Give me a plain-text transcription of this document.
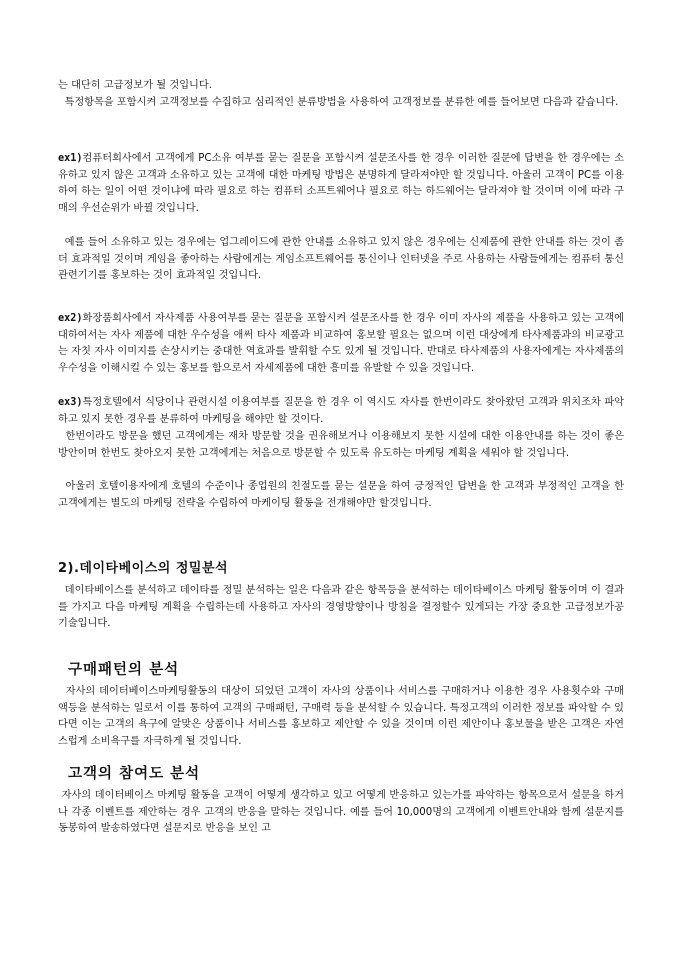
는 대단히 고급정보가 될 것입니다.

특정항목을 포함시켜 고객정보를 수집하고 심리적인 분류방법을 사용하여 고객정보를 분류한 예를 들어보면 다음과 같습니다.

ex1)컴퓨터회사에서 고객에게 PC소유 여부를 묻는 질문을 포함시켜 설문조사를 한 경우 이러한 질문에 답변을 한 경우에는 소유하고 있지 않은 고객과 소유하고 있는 고객에 대한 마케팅 방법은 분명하게 달라져야만 할 것입니다. 아울러 고객이 PC를 이용하여 하는 일이 어떤 것이냐에 따라 필요로 하는 컴퓨터 소프트웨어나 필요로 하는 하드웨어는 달라져야 할 것이며 이에 따라 구매의 우선순위가 바뀔 것입니다.

예를 들어 소유하고 있는 경우에는 업그레이드에 관한 안내를 소유하고 있지 않은 경우에는 신제품에 관한 안내를 하는 것이 좀더 효과적일 것이며 게임을 좋아하는 사람에게는 게임소프트웨어를 통신이나 인터넷을 주로 사용하는 사람들에게는 컴퓨터 통신관련기기를 홍보하는 것이 효과적일 것입니다.

ex2)화장품회사에서 자사제품 사용여부를 묻는 질문을 포함시켜 설문조사를 한 경우 이미 자사의 제품을 사용하고 있는 고객에 대하여서는 자사 제품에 대한 우수성을 애써 타사 제품과 비교하여 홍보할 필요는 없으며 이런 대상에게 타사제품과의 비교광고는 자칫 자사 이미지를 손상시키는 중대한 역효과를 발휘할 수도 있게 될 것입니다. 반대로 타사제품의 사용자에게는 자사제품의 우수성을 이해시킬 수 있는 홍보를 함으로서 자세제품에 대한 흥미를 유발할 수 있을 것입니다.

ex3)특정호텔에서 식당이나 관련시설 이용여부를 질문을 한 경우 이 역시도 자사를 한번이라도 찾아왔던 고객과 위치조차 파악하고 있지 못한 경우를 분류하여 마케팅을 해야만 할 것이다.

한번이라도 방문을 했던 고객에게는 재차 방문할 것을 권유해보거나 이용해보지 못한 시설에 대한 이용안내를 하는 것이 좋은 방안이며 한번도 찾아오지 못한 고객에게는 처음으로 방문할 수 있도록 유도하는 마케팅 계획을 세워야 할 것입니다.

아울러 호텔이용자에게 호텔의 수준이나 종업원의 친절도를 묻는 설문을 하여 긍정적인 답변을 한 고객과 부정적인 고객을 한 고객에게는 별도의 마케팅 전략을 수립하여 마케이팅 활동을 전개해야만 할것입니다.

2).데이타베이스의 정밀분석

데이타베이스를 분석하고 데이타를 정밀 분석하는 일은 다음과 같은 항목등을 분석하는 데이타베이스 마케팅 활동이며 이 결과를 가지고 다음 마케팅 계획을 수립하는데 사용하고 자사의 경영방향이나 방침을 결정할수 있게되는 가장 중요한 고급정보가공기술입니다.

구매패턴의 분석

자사의 데이터베이스마케팅활동의 대상이 되었던 고객이 자사의 상품이나 서비스를 구매하거나 이용한 경우 사용횟수와 구매액등을 분석하는 일로서 이를 통하여 고객의 구매패턴, 구매력 등을 분석할 수 있습니다. 특정고객의 이러한 정보를 파악할 수 있다면 이는 고객의 욕구에 알맞은 상품이나 서비스를 홍보하고 제안할 수 있을 것이며 이런 제안이나 홍보물을 받은 고객은 자연스럽게 소비욕구를 자극하게 될 것입니다.

고객의 참여도 분석

자사의 데이터베이스 마케팅 활동을 고객이 어떻게 생각하고 있고 어떻게 반응하고 있는가를 파악하는 항목으로서 설문을 하거나 각종 이벤트를 제안하는 경우 고객의 반응을 말하는 것입니다. 예를 들어 10,000명의 고객에게 이벤트안내와 함께 설문지를 동봉하여 발송하였다면 설문지로 반응을 보인 고
